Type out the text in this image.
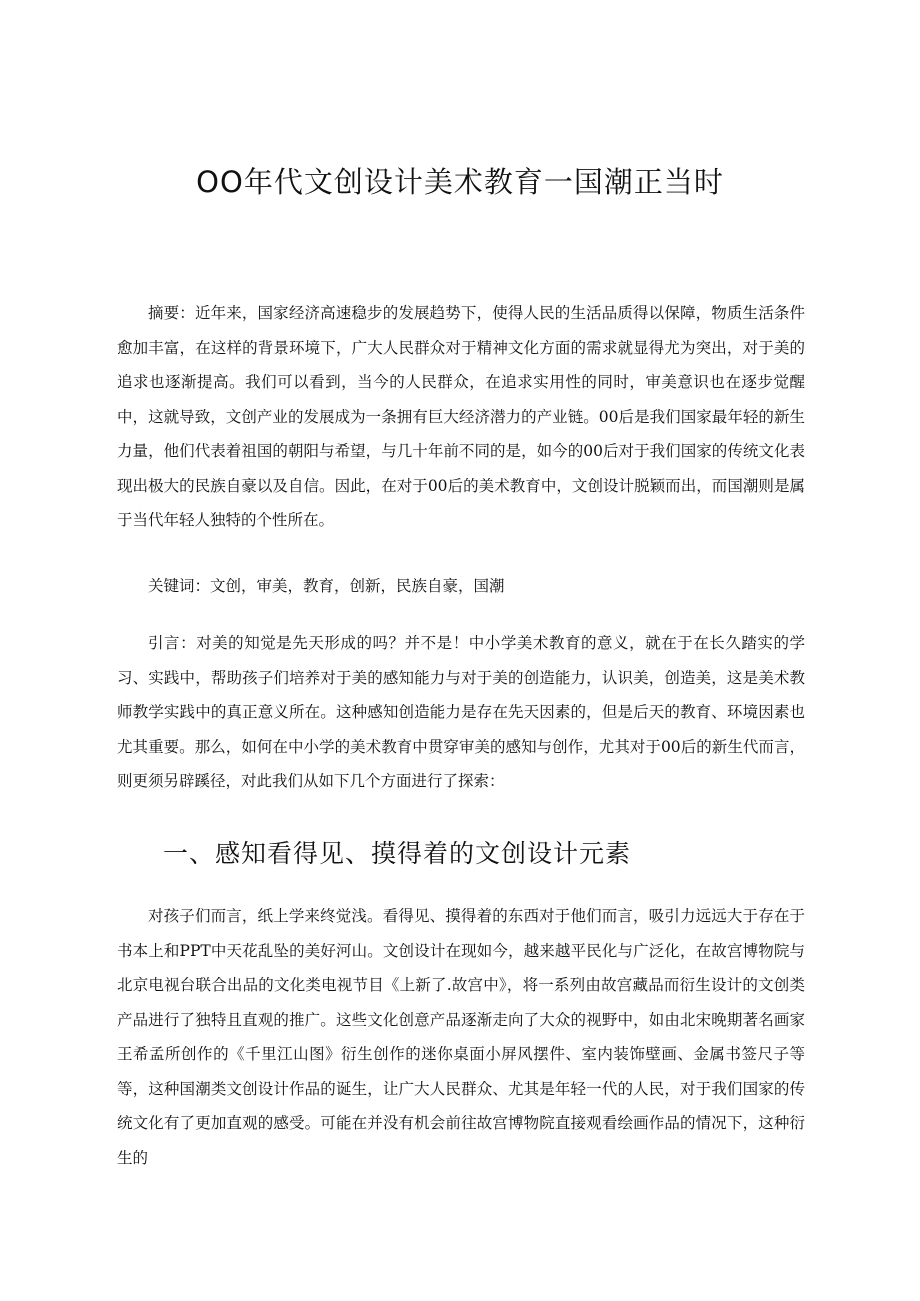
OO年代文创设计美术教育一国潮正当时

摘要：近年来，国家经济高速稳步的发展趋势下，使得人民的生活品质得以保障，物质生活条件愈加丰富，在这样的背景环境下，广大人民群众对于精神文化方面的需求就显得尤为突出，对于美的追求也逐渐提高。我们可以看到，当今的人民群众，在追求实用性的同时，审美意识也在逐步觉醒中，这就导致，文创产业的发展成为一条拥有巨大经济潜力的产业链。00后是我们国家最年轻的新生力量，他们代表着祖国的朝阳与希望，与几十年前不同的是，如今的00后对于我们国家的传统文化表现出极大的民族自豪以及自信。因此，在对于00后的美术教育中，文创设计脱颖而出，而国潮则是属于当代年轻人独特的个性所在。

关键词：文创，审美，教育，创新，民族自豪，国潮

引言：对美的知觉是先天形成的吗？并不是！中小学美术教育的意义，就在于在长久踏实的学习、实践中，帮助孩子们培养对于美的感知能力与对于美的创造能力，认识美，创造美，这是美术教师教学实践中的真正意义所在。这种感知创造能力是存在先天因素的，但是后天的教育、环境因素也尤其重要。那么，如何在中小学的美术教育中贯穿审美的感知与创作，尤其对于00后的新生代而言，则更须另辟蹊径，对此我们从如下几个方面进行了探索：

一、感知看得见、摸得着的文创设计元素

对孩子们而言，纸上学来终觉浅。看得见、摸得着的东西对于他们而言，吸引力远远大于存在于书本上和PPT中天花乱坠的美好河山。文创设计在现如今，越来越平民化与广泛化，在故宫博物院与北京电视台联合出品的文化类电视节目《上新了.故宫中》，将一系列由故宫藏品而衍生设计的文创类产品进行了独特且直观的推广。这些文化创意产品逐渐走向了大众的视野中，如由北宋晚期著名画家王希孟所创作的《千里江山图》衍生创作的迷你桌面小屏风摆件、室内装饰壁画、金属书签尺子等等，这种国潮类文创设计作品的诞生，让广大人民群众、尤其是年轻一代的人民，对于我们国家的传统文化有了更加直观的感受。可能在并没有机会前往故宫博物院直接观看绘画作品的情况下，这种衍生的
